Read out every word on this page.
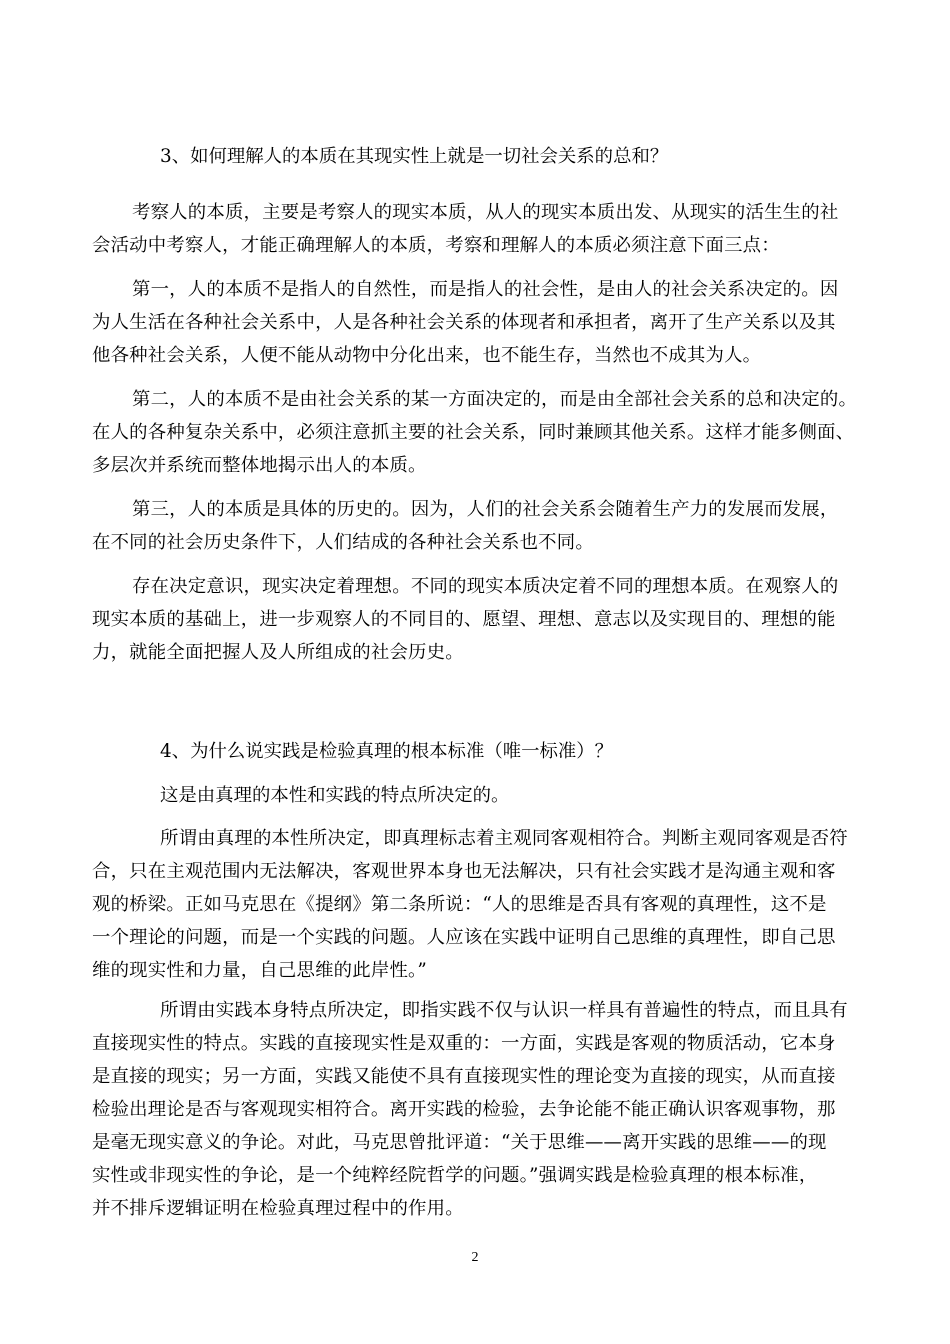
3、如何理解人的本质在其现实性上就是一切社会关系的总和？
考察人的本质，主要是考察人的现实本质，从人的现实本质出发、从现实的活生生的社
会活动中考察人，才能正确理解人的本质，考察和理解人的本质必须注意下面三点：
第一，人的本质不是指人的自然性，而是指人的社会性，是由人的社会关系决定的。因
为人生活在各种社会关系中，人是各种社会关系的体现者和承担者，离开了生产关系以及其
他各种社会关系，人便不能从动物中分化出来，也不能生存，当然也不成其为人。
第二，人的本质不是由社会关系的某一方面决定的，而是由全部社会关系的总和决定的。
在人的各种复杂关系中，必须注意抓主要的社会关系，同时兼顾其他关系。这样才能多侧面、
多层次并系统而整体地揭示出人的本质。
第三，人的本质是具体的历史的。因为，人们的社会关系会随着生产力的发展而发展，
在不同的社会历史条件下，人们结成的各种社会关系也不同。
存在决定意识，现实决定着理想。不同的现实本质决定着不同的理想本质。在观察人的
现实本质的基础上，进一步观察人的不同目的、愿望、理想、意志以及实现目的、理想的能
力，就能全面把握人及人所组成的社会历史。
4、为什么说实践是检验真理的根本标准（唯一标准）？
这是由真理的本性和实践的特点所决定的。
所谓由真理的本性所决定，即真理标志着主观同客观相符合。判断主观同客观是否符
合，只在主观范围内无法解决，客观世界本身也无法解决，只有社会实践才是沟通主观和客
观的桥梁。正如马克思在《提纲》第二条所说：“人的思维是否具有客观的真理性，这不是
一个理论的问题，而是一个实践的问题。人应该在实践中证明自己思维的真理性，即自己思
维的现实性和力量，自己思维的此岸性。”
所谓由实践本身特点所决定，即指实践不仅与认识一样具有普遍性的特点，而且具有
直接现实性的特点。实践的直接现实性是双重的：一方面，实践是客观的物质活动，它本身
是直接的现实；另一方面，实践又能使不具有直接现实性的理论变为直接的现实，从而直接
检验出理论是否与客观现实相符合。离开实践的检验，去争论能不能正确认识客观事物，那
是毫无现实意义的争论。对此，马克思曾批评道：“关于思维——离开实践的思维——的现
实性或非现实性的争论，是一个纯粹经院哲学的问题。”强调实践是检验真理的根本标准，
并不排斥逻辑证明在检验真理过程中的作用。
2
